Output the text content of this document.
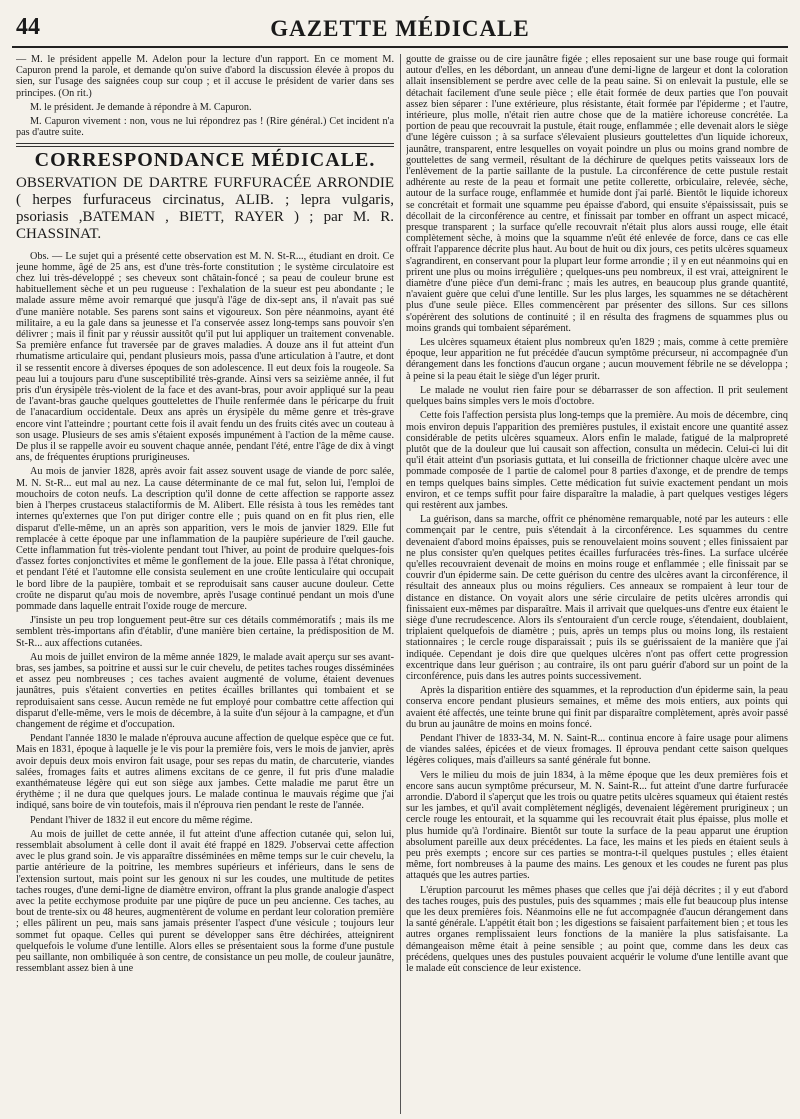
44	GAZETTE MÉDICALE

— M. le président appelle M. Adelon pour la lecture d'un rapport. En ce moment M. Capuron prend la parole, et demande qu'on suive d'abord la discussion élevée à propos du sien, sur l'usage des saignées coup sur coup ; et il accuse le président de varier dans ses principes. (On rit.)

M. le président. Je demande à répondre à M. Capuron.

M. Capuron vivement : non, vous ne lui répondrez pas ! (Rire général.) Cet incident n'a pas d'autre suite.

CORRESPONDANCE MÉDICALE.

OBSERVATION DE DARTRE FURFURACÉE ARRONDIE ( herpes furfuraceus circinatus, ALIB. ; lepra vulgaris, psoriasis ,BATEMAN , BIETT, RAYER ) ; par M. R. CHASSINAT.

Obs. — Le sujet qui a présenté cette observation est M. N. St-R..., étudiant en droit. Ce jeune homme, âgé de 25 ans, est d'une très-forte constitution ; le système circulatoire est chez lui très-développé ; ses cheveux sont châtain-foncé ; sa peau de couleur brune est habituellement sèche et un peu rugueuse : l'exhalation de la sueur est peu abondante ; le malade assure même avoir remarqué que jusqu'à l'âge de dix-sept ans, il n'avait pas sué d'une manière notable. Ses parens sont sains et vigoureux. Son père néanmoins, ayant été militaire, a eu la gale dans sa jeunesse et l'a conservée assez long-temps sans pouvoir s'en délivrer ; mais il finit par y réussir aussitôt qu'il put lui appliquer un traitement convenable. Sa première enfance fut traversée par de graves maladies. A douze ans il fut atteint d'un rhumatisme articulaire qui, pendant plusieurs mois, passa d'une articulation à l'autre, et dont il se ressentit encore à diverses époques de son adolescence. Il eut deux fois la rougeole. Sa peau lui a toujours paru d'une susceptibilité très-grande. Ainsi vers sa seizième année, il fut pris d'un érysipèle très-violent de la face et des avant-bras, pour avoir appliqué sur la peau de l'avant-bras gauche quelques gouttelettes de l'huile renfermée dans le péricarpe du fruit de l'anacardium occidentale. Deux ans après un érysipèle du même genre et très-grave encore vint l'atteindre ; pourtant cette fois il avait fendu un des fruits cités avec un couteau à son usage. Plusieurs de ses amis s'étaient exposés impunément à l'action de la même cause. De plus il se rappelle avoir eu souvent chaque année, pendant l'été, entre l'âge de dix à vingt ans, de fréquentes éruptions prurigineuses.

Au mois de janvier 1828, après avoir fait assez souvent usage de viande de porc salée, M. N. St-R... eut mal au nez. La cause déterminante de ce mal fut, selon lui, l'emploi de mouchoirs de coton neufs. La description qu'il donne de cette affection se rapporte assez bien à l'herpes crustaceus stalactiformis de M. Alibert. Elle résista à tous les remèdes tant internes qu'externes que l'on put diriger contre elle ; puis quand on en fit plus rien, elle disparut d'elle-même, un an après son apparition, vers le mois de janvier 1829. Elle fut remplacée à cette époque par une inflammation de la paupière supérieure de l'œil gauche. Cette inflammation fut très-violente pendant tout l'hiver, au point de produire quelques-fois d'assez fortes conjonctivites et même le gonflement de la joue. Elle passa à l'état chronique, et pendant l'été et l'automne elle consista seulement en une croûte lenticulaire qui occupait le bord libre de la paupière, tombait et se reproduisait sans causer aucune douleur. Cette croûte ne disparut qu'au mois de novembre, après l'usage continué pendant un mois d'une pommade dans laquelle entrait l'oxide rouge de mercure.

J'insiste un peu trop longuement peut-être sur ces détails commémoratifs ; mais ils me semblent très-importans afin d'établir, d'une manière bien certaine, la prédisposition de M. St-R... aux affections cutanées.

Au mois de juillet environ de la même année 1829, le malade avait aperçu sur ses avant-bras, ses jambes, sa poitrine et aussi sur le cuir chevelu, de petites taches rouges disséminées et assez peu nombreuses ; ces taches avaient augmenté de volume, étaient devenues jaunâtres, puis s'étaient converties en petites écailles brillantes qui tombaient et se reproduisaient sans cesse. Aucun remède ne fut employé pour combattre cette affection qui disparut d'elle-même, vers le mois de décembre, à la suite d'un séjour à la campagne, et d'un changement de régime et d'occupation.

Pendant l'année 1830 le malade n'éprouva aucune affection de quelque espèce que ce fut. Mais en 1831, époque à laquelle je le vis pour la première fois, vers le mois de janvier, après avoir depuis deux mois environ fait usage, pour ses repas du matin, de charcuterie, viandes salées, fromages faits et autres alimens excitans de ce genre, il fut pris d'une maladie exanthémateuse légère qui eut son siège aux jambes. Cette maladie me parut être un érythème ; il ne dura que quelques jours. Le malade continua le mauvais régime que j'ai indiqué, sans boire de vin toutefois, mais il n'éprouva rien pendant le reste de l'année.

Pendant l'hiver de 1832 il eut encore du même régime.

Au mois de juillet de cette année, il fut atteint d'une affection cutanée qui, selon lui, ressemblait absolument à celle dont il avait été frappé en 1829. J'observai cette affection avec le plus grand soin. Je vis apparaître disséminées en même temps sur le cuir chevelu, la partie antérieure de la poitrine, les membres supérieurs et inférieurs, dans le sens de l'extension surtout, mais point sur les genoux ni sur les coudes, une multitude de petites taches rouges, d'une demi-ligne de diamètre environ, offrant la plus grande analogie d'aspect avec la petite ecchymose produite par une piqûre de puce un peu ancienne. Ces taches, au bout de trente-six ou 48 heures, augmentèrent de volume en perdant leur coloration première ; elles pâlirent un peu, mais sans jamais présenter l'aspect d'une vésicule ; toujours leur sommet fut opaque. Celles qui purent se développer sans être déchirées, atteignirent quelquefois le volume d'une lentille. Alors elles se présentaient sous la forme d'une pustule peu saillante, non ombiliquée à son centre, de consistance un peu molle, de couleur jaunâtre, ressemblant assez bien à une

goutte de graisse ou de cire jaunâtre figée ; elles reposaient sur une base rouge qui formait autour d'elles, en les débordant, un anneau d'une demi-ligne de largeur et dont la coloration allait insensiblement se perdre avec celle de la peau saine. Si on enlevait la pustule, elle se détachait facilement d'une seule pièce ; elle était formée de deux parties que l'on pouvait assez bien séparer : l'une extérieure, plus résistante, était formée par l'épiderme ; et l'autre, intérieure, plus molle, n'était rien autre chose que de la matière ichoreuse concrétée. La portion de peau que recouvrait la pustule, était rouge, enflammée ; elle devenait alors le siège d'une légère cuisson ; à sa surface s'élevaient plusieurs gouttelettes d'un liquide ichoreux, jaunâtre, transparent, entre lesquelles on voyait poindre un plus ou moins grand nombre de gouttelettes de sang vermeil, résultant de la déchirure de quelques petits vaisseaux lors de l'enlèvement de la partie saillante de la pustule. La circonférence de cette pustule restait adhérente au reste de la peau et formait une petite collerette, orbiculaire, relevée, sèche, autour de la surface rouge, enflammée et humide dont j'ai parlé. Bientôt le liquide ichoreux se concrétait et formait une squamme peu épaisse d'abord, qui ensuite s'épaississait, puis se décollait de la circonférence au centre, et finissait par tomber en offrant un aspect micacé, presque transparent ; la surface qu'elle recouvrait n'était plus alors aussi rouge, elle était complètement sèche, à moins que la squamme n'eût été enlevée de force, dans ce cas elle offrait l'apparence décrite plus haut. Au bout de huit ou dix jours, ces petits ulcères squameux s'agrandirent, en conservant pour la plupart leur forme arrondie ; il y en eut néanmoins qui en prirent une plus ou moins irrégulière ; quelques-uns peu nombreux, il est vrai, atteignirent le diamètre d'une pièce d'un demi-franc ; mais les autres, en beaucoup plus grande quantité, n'avaient guère que celui d'une lentille. Sur les plus larges, les squammes ne se détachèrent plus d'une seule pièce. Elles commencèrent par présenter des sillons. Sur ces sillons s'opérèrent des solutions de continuité ; il en résulta des fragmens de squammes plus ou moins grands qui tombaient séparément.

Les ulcères squameux étaient plus nombreux qu'en 1829 ; mais, comme à cette première époque, leur apparition ne fut précédée d'aucun symptôme précurseur, ni accompagnée d'un dérangement dans les fonctions d'aucun organe ; aucun mouvement fébrile ne se développa ; à peine si la peau était le siège d'un léger prurit.

Le malade ne voulut rien faire pour se débarrasser de son affection. Il prit seulement quelques bains simples vers le mois d'octobre.

Cette fois l'affection persista plus long-temps que la première. Au mois de décembre, cinq mois environ depuis l'apparition des premières pustules, il existait encore une quantité assez considérable de petits ulcères squameux. Alors enfin le malade, fatigué de la malpropreté plutôt que de la douleur que lui causait son affection, consulta un médecin. Celui-ci lui dit qu'il était atteint d'un psoriasis guttata, et lui conseilla de frictionner chaque ulcère avec une pommade composée de 1 partie de calomel pour 8 parties d'axonge, et de prendre de temps en temps quelques bains simples. Cette médication fut suivie exactement pendant un mois environ, et ce temps suffit pour faire disparaître la maladie, à part quelques vestiges légers qui restèrent aux jambes.

La guérison, dans sa marche, offrit ce phénomène remarquable, noté par les auteurs : elle commençait par le centre, puis s'étendait à la circonférence. Les squammes du centre devenaient d'abord moins épaisses, puis se renouvelaient moins souvent ; elles finissaient par ne plus consister qu'en quelques petites écailles furfuracées très-fines. La surface ulcérée qu'elles recouvraient devenait de moins en moins rouge et enflammée ; elle finissait par se couvrir d'un épiderme sain. De cette guérison du centre des ulcères avant la circonférence, il résultait des anneaux plus ou moins réguliers. Ces anneaux se rompaient à leur tour de distance en distance. On voyait alors une série circulaire de petits ulcères arrondis qui finissaient eux-mêmes par disparaître. Mais il arrivait que quelques-uns d'entre eux étaient le siège d'une recrudescence. Alors ils s'entouraient d'un cercle rouge, s'étendaient, doublaient, triplaient quelquefois de diamètre ; puis, après un temps plus ou moins long, ils restaient stationnaires ; le cercle rouge disparaissait ; puis ils se guérissaient de la manière que j'ai indiquée. Cependant je dois dire que quelques ulcères n'ont pas offert cette progression excentrique dans leur guérison ; au contraire, ils ont paru guérir d'abord sur un point de la circonférence, puis dans les autres points successivement.

Après la disparition entière des squammes, et la reproduction d'un épiderme sain, la peau conserva encore pendant plusieurs semaines, et même des mois entiers, aux points qui avaient été affectés, une teinte brune qui finit par disparaître complètement, après avoir passé du brun au jaunâtre de moins en moins foncé.

Pendant l'hiver de 1833-34, M. N. Saint-R... continua encore à faire usage pour alimens de viandes salées, épicées et de vieux fromages. Il éprouva pendant cette saison quelques légères coliques, mais d'ailleurs sa santé générale fut bonne.

Vers le milieu du mois de juin 1834, à la même époque que les deux premières fois et encore sans aucun symptôme précurseur, M. N. Saint-R... fut atteint d'une dartre furfuracée arrondie. D'abord il s'aperçut que les trois ou quatre petits ulcères squameux qui étaient restés sur les jambes, et qu'il avait complètement négligés, devenaient légèrement prurigineux ; un cercle rouge les entourait, et la squamme qui les recouvrait était plus épaisse, plus molle et plus humide qu'à l'ordinaire. Bientôt sur toute la surface de la peau apparut une éruption absolument pareille aux deux précédentes. La face, les mains et les pieds en étaient seuls à peu près exempts ; encore sur ces parties se montra-t-il quelques pustules ; elles étaient même, fort nombreuses à la paume des mains. Les genoux et les coudes ne furent pas plus attaqués que les autres parties.

L'éruption parcourut les mêmes phases que celles que j'ai déjà décrites ; il y eut d'abord des taches rouges, puis des pustules, puis des squammes ; mais elle fut beaucoup plus intense que les deux premières fois. Néanmoins elle ne fut accompagnée d'aucun dérangement dans la santé générale. L'appétit était bon ; les digestions se faisaient parfaitement bien ; et tous les autres organes remplissaient leurs fonctions de la manière la plus satisfaisante. La démangeaison même était à peine sensible ; au point que, comme dans les deux cas précédens, quelques unes des pustules pouvaient acquérir le volume d'une lentille avant que le malade eût conscience de leur existence.
